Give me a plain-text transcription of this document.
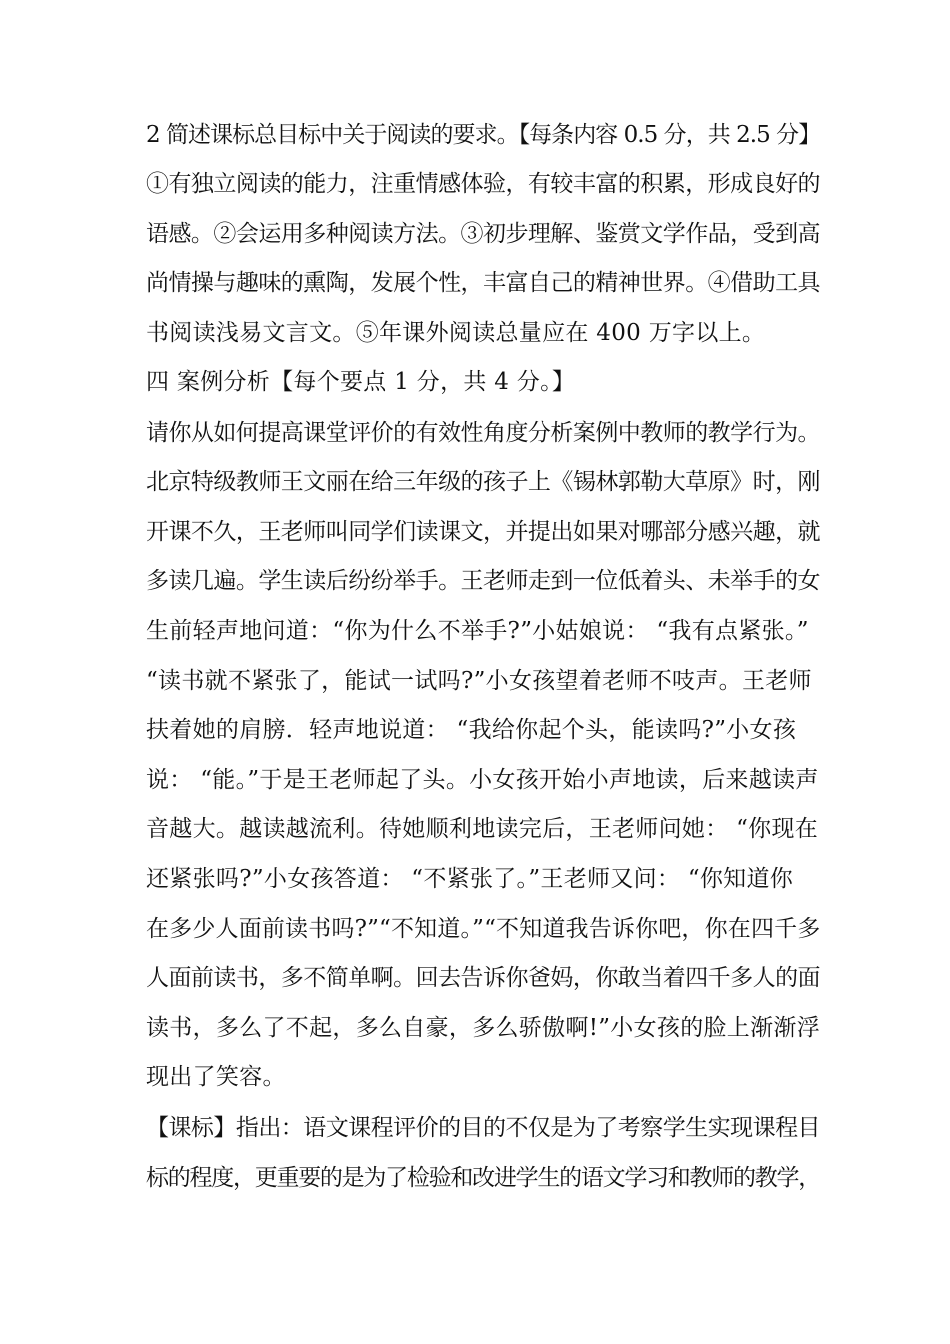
2 简述课标总目标中关于阅读的要求。【每条内容 0.5 分，共 2.5 分】
①有独立阅读的能力，注重情感体验，有较丰富的积累，形成良好的
语感。②会运用多种阅读方法。③初步理解、鉴赏文学作品，受到高
尚情操与趣味的熏陶，发展个性，丰富自己的精神世界。④借助工具
书阅读浅易文言文。⑤年课外阅读总量应在 400 万字以上。
四 案例分析【每个要点 1 分，共 4 分。】
请你从如何提高课堂评价的有效性角度分析案例中教师的教学行为。
北京特级教师王文丽在给三年级的孩子上《锡林郭勒大草原》时，刚
开课不久，王老师叫同学们读课文，并提出如果对哪部分感兴趣，就
多读几遍。学生读后纷纷举手。王老师走到一位低着头、未举手的女
生前轻声地问道：“你为什么不举手?”小姑娘说： “我有点紧张。”
“读书就不紧张了，能试一试吗?”小女孩望着老师不吱声。王老师
扶着她的肩膀．轻声地说道： “我给你起个头，能读吗?”小女孩
说： “能。”于是王老师起了头。小女孩开始小声地读，后来越读声
音越大。越读越流利。待她顺利地读完后，王老师问她： “你现在
还紧张吗?”小女孩答道： “不紧张了。”王老师又问： “你知道你
在多少人面前读书吗?”“不知道。”“不知道我告诉你吧，你在四千多
人面前读书，多不简单啊。回去告诉你爸妈，你敢当着四千多人的面
读书，多么了不起，多么自豪，多么骄傲啊!”小女孩的脸上渐渐浮
现出了笑容。
【课标】指出：语文课程评价的目的不仅是为了考察学生实现课程目
标的程度，更重要的是为了检验和改进学生的语文学习和教师的教学，
